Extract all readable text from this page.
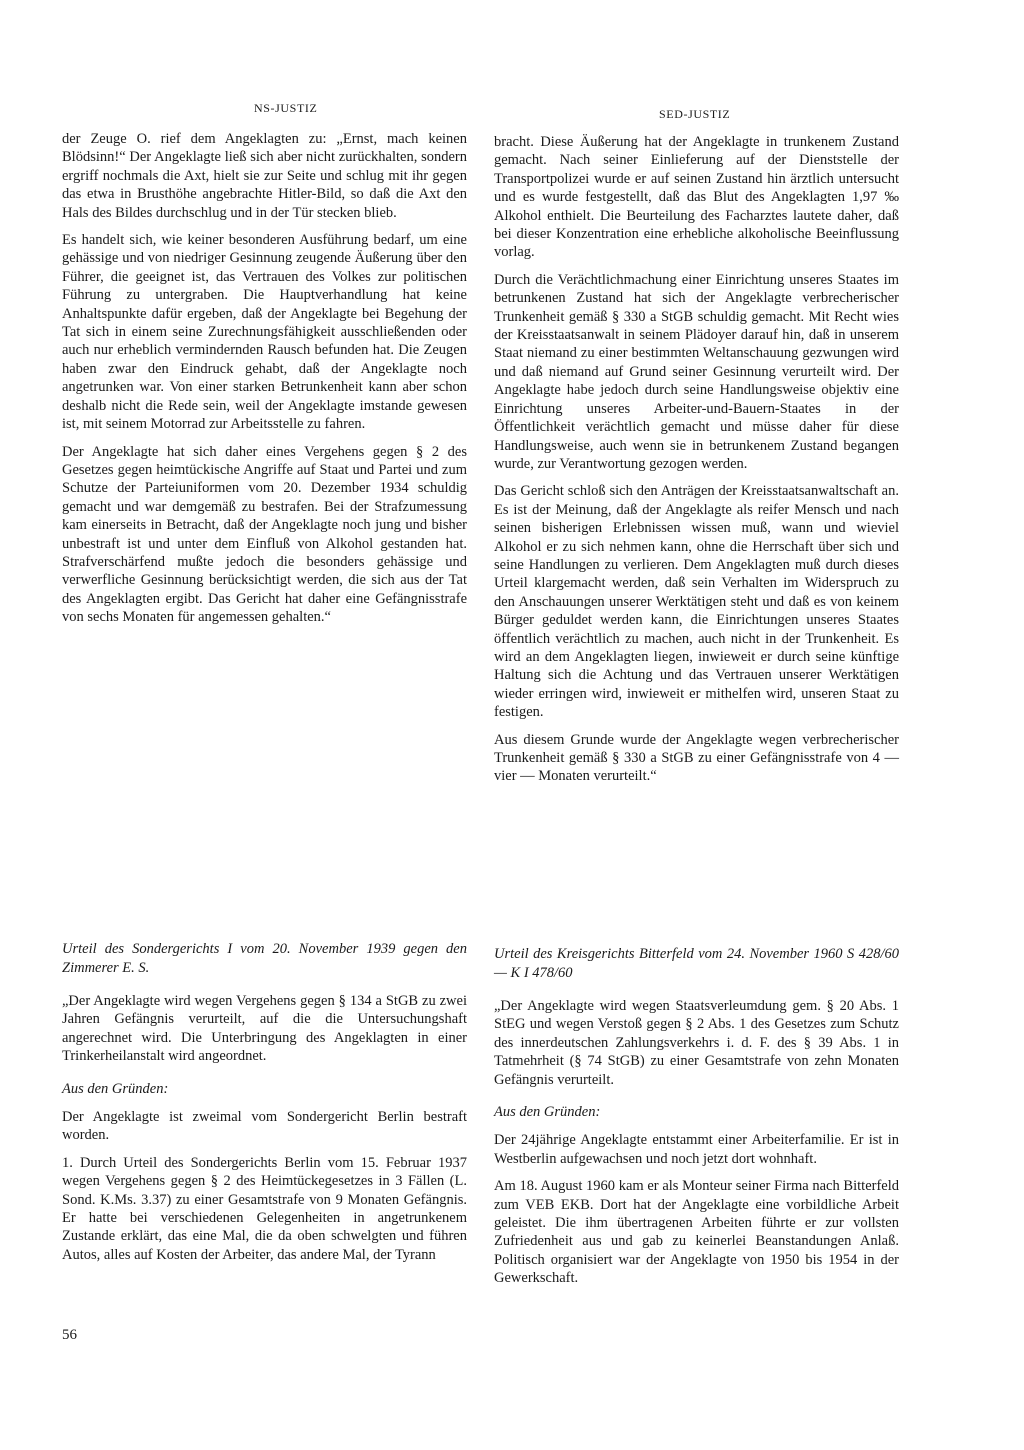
NS-JUSTIZ	SED-JUSTIZ

der Zeuge O. rief dem Angeklagten zu: „Ernst, mach keinen Blödsinn!“ Der Angeklagte ließ sich aber nicht zurückhalten, sondern ergriff nochmals die Axt, hielt sie zur Seite und schlug mit ihr gegen das etwa in Brusthöhe angebrachte Hitler-Bild, so daß die Axt den Hals des Bildes durchschlug und in der Tür stecken blieb.

Es handelt sich, wie keiner besonderen Ausführung bedarf, um eine gehässige und von niedriger Gesinnung zeugende Äußerung über den Führer, die geeignet ist, das Vertrauen des Volkes zur politischen Führung zu untergraben. Die Hauptverhandlung hat keine Anhaltspunkte dafür ergeben, daß der Angeklagte bei Begehung der Tat sich in einem seine Zurechnungsfähigkeit ausschließenden oder auch nur erheblich vermindernden Rausch befunden hat. Die Zeugen haben zwar den Eindruck gehabt, daß der Angeklagte noch angetrunken war. Von einer starken Betrunkenheit kann aber schon deshalb nicht die Rede sein, weil der Angeklagte imstande gewesen ist, mit seinem Motorrad zur Arbeitsstelle zu fahren.

Der Angeklagte hat sich daher eines Vergehens gegen § 2 des Gesetzes gegen heimtückische Angriffe auf Staat und Partei und zum Schutze der Parteiuniformen vom 20. Dezember 1934 schuldig gemacht und war demgemäß zu bestrafen. Bei der Strafzumessung kam einerseits in Betracht, daß der Angeklagte noch jung und bisher unbestraft ist und unter dem Einfluß von Alkohol gestanden hat. Strafverschärfend mußte jedoch die besonders gehässige und verwerfliche Gesinnung berücksichtigt werden, die sich aus der Tat des Angeklagten ergibt. Das Gericht hat daher eine Gefängnisstrafe von sechs Monaten für angemessen gehalten.“

bracht. Diese Äußerung hat der Angeklagte in trunkenem Zustand gemacht. Nach seiner Einlieferung auf der Dienststelle der Transportpolizei wurde er auf seinen Zustand hin ärztlich untersucht und es wurde festgestellt, daß das Blut des Angeklagten 1,97 ‰ Alkohol enthielt. Die Beurteilung des Facharztes lautete daher, daß bei dieser Konzentration eine erhebliche alkoholische Beeinflussung vorlag.

Durch die Verächtlichmachung einer Einrichtung unseres Staates im betrunkenen Zustand hat sich der Angeklagte verbrecherischer Trunkenheit gemäß § 330 a StGB schuldig gemacht. Mit Recht wies der Kreisstaatsanwalt in seinem Plädoyer darauf hin, daß in unserem Staat niemand zu einer bestimmten Weltanschauung gezwungen wird und daß niemand auf Grund seiner Gesinnung verurteilt wird. Der Angeklagte habe jedoch durch seine Handlungsweise objektiv eine Einrichtung unseres Arbeiter-und-Bauern-Staates in der Öffentlichkeit verächtlich gemacht und müsse daher für diese Handlungsweise, auch wenn sie in betrunkenem Zustand begangen wurde, zur Verantwortung gezogen werden.

Das Gericht schloß sich den Anträgen der Kreisstaatsanwaltschaft an. Es ist der Meinung, daß der Angeklagte als reifer Mensch und nach seinen bisherigen Erlebnissen wissen muß, wann und wieviel Alkohol er zu sich nehmen kann, ohne die Herrschaft über sich und seine Handlungen zu verlieren. Dem Angeklagten muß durch dieses Urteil klargemacht werden, daß sein Verhalten im Widerspruch zu den Anschauungen unserer Werktätigen steht und daß es von keinem Bürger geduldet werden kann, die Einrichtungen unseres Staates öffentlich verächtlich zu machen, auch nicht in der Trunkenheit. Es wird an dem Angeklagten liegen, inwieweit er durch seine künftige Haltung sich die Achtung und das Vertrauen unserer Werktätigen wieder erringen wird, inwieweit er mithelfen wird, unseren Staat zu festigen.

Aus diesem Grunde wurde der Angeklagte wegen verbrecherischer Trunkenheit gemäß § 330 a StGB zu einer Gefängnisstrafe von 4 — vier — Monaten verurteilt.“

Urteil des Sondergerichts I vom 20. November 1939 gegen den Zimmerer E. S.

„Der Angeklagte wird wegen Vergehens gegen § 134 a StGB zu zwei Jahren Gefängnis verurteilt, auf die die Untersuchungshaft angerechnet wird. Die Unterbringung des Angeklagten in einer Trinkerheilanstalt wird angeordnet.

Aus den Gründen:

Der Angeklagte ist zweimal vom Sondergericht Berlin bestraft worden.

1. Durch Urteil des Sondergerichts Berlin vom 15. Februar 1937 wegen Vergehens gegen § 2 des Heimtückegesetzes in 3 Fällen (L. Sond. K.Ms. 3.37) zu einer Gesamtstrafe von 9 Monaten Gefängnis. Er hatte bei verschiedenen Gelegenheiten in angetrunkenem Zustande erklärt, das eine Mal, die da oben schwelgten und führen Autos, alles auf Kosten der Arbeiter, das andere Mal, der Tyrann

Urteil des Kreisgerichts Bitterfeld vom 24. November 1960 S 428/60 — K I 478/60

„Der Angeklagte wird wegen Staatsverleumdung gem. § 20 Abs. 1 StEG und wegen Verstoß gegen § 2 Abs. 1 des Gesetzes zum Schutz des innerdeutschen Zahlungsverkehrs i. d. F. des § 39 Abs. 1 in Tatmehrheit (§ 74 StGB) zu einer Gesamtstrafe von zehn Monaten Gefängnis verurteilt.

Aus den Gründen:

Der 24jährige Angeklagte entstammt einer Arbeiterfamilie. Er ist in Westberlin aufgewachsen und noch jetzt dort wohnhaft.

Am 18. August 1960 kam er als Monteur seiner Firma nach Bitterfeld zum VEB EKB. Dort hat der Angeklagte eine vorbildliche Arbeit geleistet. Die ihm übertragenen Arbeiten führte er zur vollsten Zufriedenheit aus und gab zu keinerlei Beanstandungen Anlaß. Politisch organisiert war der Angeklagte von 1950 bis 1954 in der Gewerkschaft.

56
